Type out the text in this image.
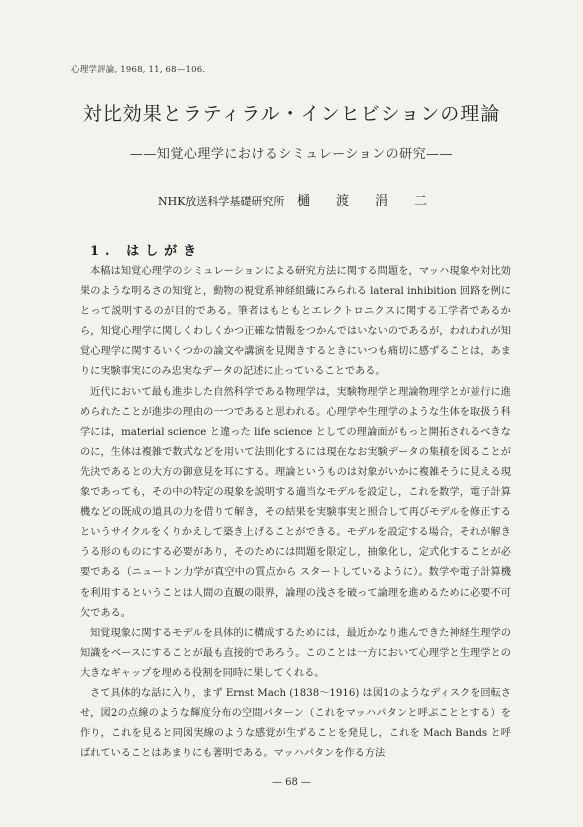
心理学評論, 1968, 11, 68—106.
対比効果とラティラル・インヒビションの理論
——知覚心理学におけるシミュレーションの研究——
NHK放送科学基礎研究所 樋渡涓二
1. はしがき

本稿は知覚心理学のシミュレーションによる研究方法に関する問題を，マッハ現象や対比効果のような明るさの知覚と，動物の視覚系神経組織にみられる lateral inhibition 回路を例にとって説明するのが目的である。筆者はもともとエレクトロニクスに関する工学者であるから，知覚心理学に関しくわしくかつ正確な情報をつかんではいないのであるが，われわれが知覚心理学に関するいくつかの論文や講演を見聞きするときにいつも痛切に感ずることは，あまりに実験事実にのみ忠実なデータの記述に止っていることである。

近代において最も進歩した自然科学である物理学は，実験物理学と理論物理学とが並行に進められたことが進歩の理由の一つであると思われる。心理学や生理学のような生体を取扱う科学には，material science と違った life science としての理論面がもっと開拓されるべきなのに，生体は複雑で数式などを用いて法則化するには現在なお実験データの集積を図ることが先決であるとの大方の御意見を耳にする。理論というものは対象がいかに複雑そうに見える現象であっても，その中の特定の現象を説明する適当なモデルを設定し，これを数学，電子計算機などの既成の道具の力を借りて解き，その結果を実験事実と照合して再びモデルを修正するというサイクルをくりかえして築き上げることができる。モデルを設定する場合，それが解きうる形のものにする必要があり，そのためには問題を限定し，抽象化し，定式化することが必要である（ニュートン力学が真空中の質点から スタートしているように）。数学や電子計算機を利用するということは人間の直観の限界，論理の浅さを破って論理を進めるために必要不可欠である。

知覚現象に関するモデルを具体的に構成するためには，最近かなり進んできた神経生理学の知識をベースにすることが最も直接的であろう。このことは一方において心理学と生理学との大きなギャップを埋める役割を同時に果してくれる。

さて具体的な話に入り，まず Ernst Mach (1838～1916) は図1のようなディスクを回転させ，図2の点線のような輝度分布の空間パターン（これをマッハパタンと呼ぶこととする）を作り，これを見ると同図実線のような感覚が生ずることを発見し，これを Mach Bands と呼ばれていることはあまりにも著明である。マッハパタンを作る方法

— 68 —
